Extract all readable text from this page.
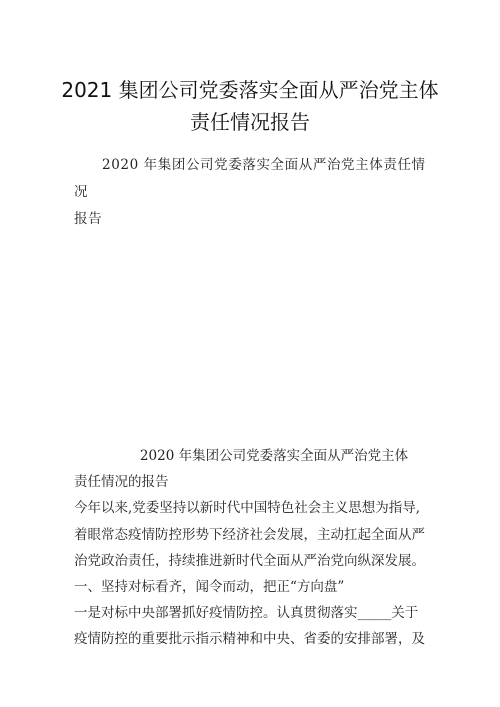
2021 集团公司党委落实全面从严治党主体
责任情况报告
2020 年集团公司党委落实全面从严治党主体责任情况
报告
2020 年集团公司党委落实全面从严治党主体
责任情况的报告
今年以来,党委坚持以新时代中国特色社会主义思想为指导,
着眼常态疫情防控形势下经济社会发展，主动扛起全面从严
治党政治责任，持续推进新时代全面从严治党向纵深发展。
一、坚持对标看齐，闻令而动，把正“方向盘”
一是对标中央部署抓好疫情防控。认真贯彻落实_____关于
疫情防控的重要批示指示精神和中央、省委的安排部署，及
